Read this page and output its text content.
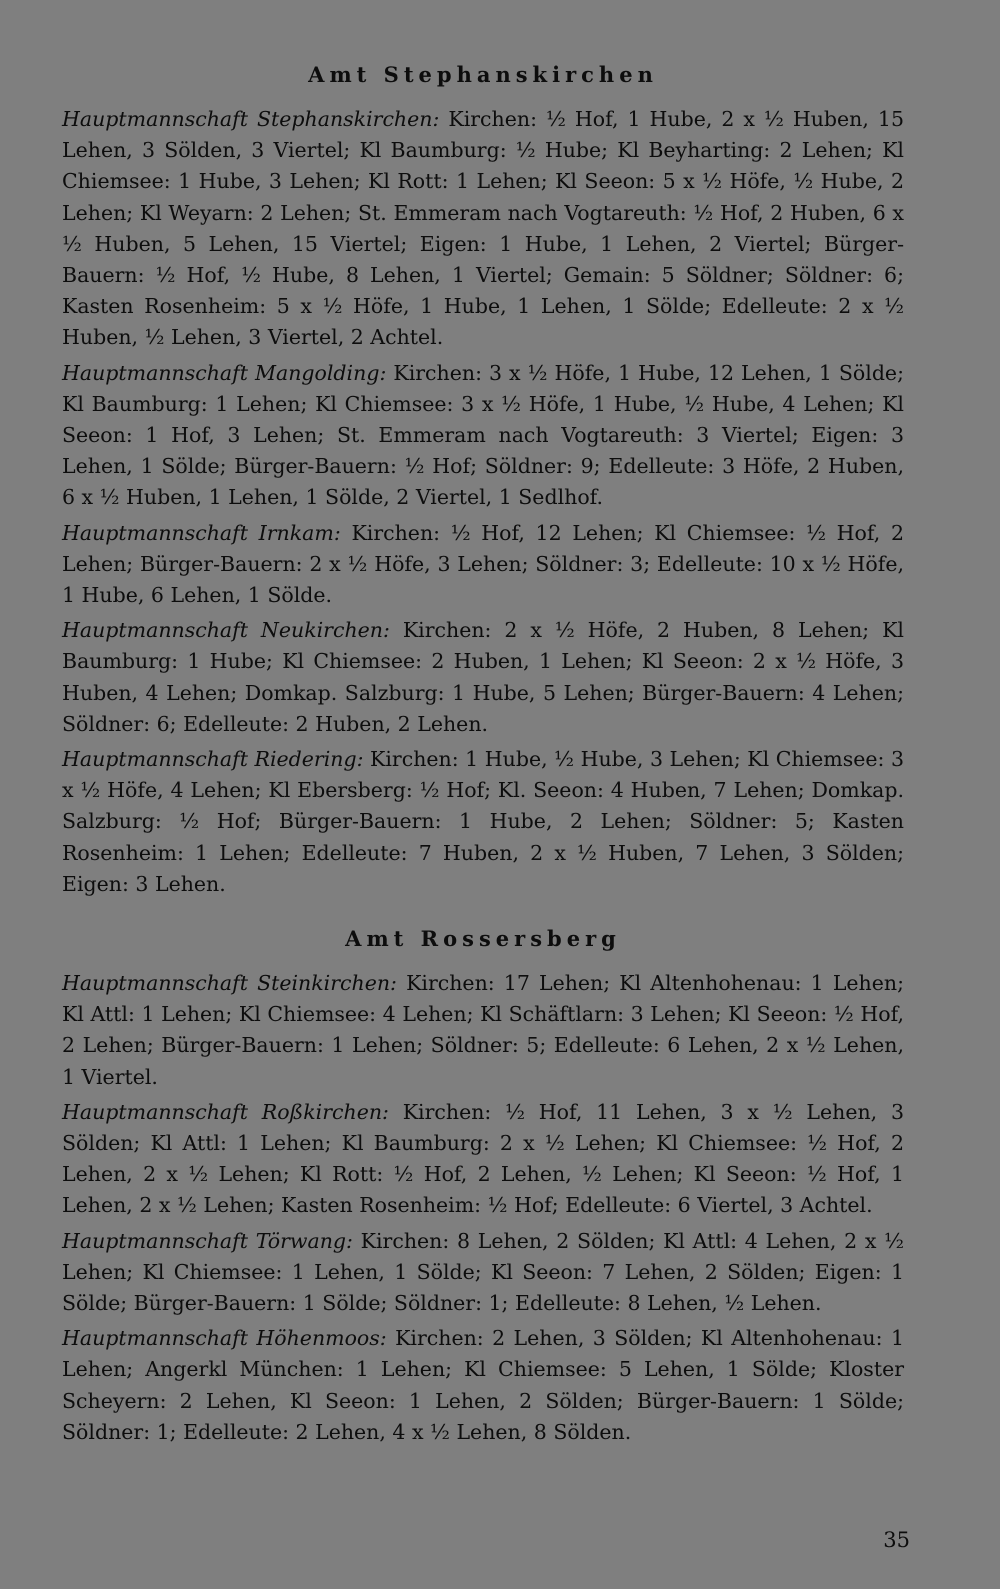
Amt Stephanskirchen

Hauptmannschaft Stephanskirchen: Kirchen: ½ Hof, 1 Hube, 2 x ½ Huben, 15 Lehen, 3 Sölden, 3 Viertel; Kl Baumburg: ½ Hube; Kl Beyharting: 2 Lehen; Kl Chiemsee: 1 Hube, 3 Lehen; Kl Rott: 1 Lehen; Kl Seeon: 5 x ½ Höfe, ½ Hube, 2 Lehen; Kl Weyarn: 2 Lehen; St. Emmeram nach Vogtareuth: ½ Hof, 2 Huben, 6 x ½ Huben, 5 Lehen, 15 Viertel; Eigen: 1 Hube, 1 Lehen, 2 Viertel; Bürger-Bauern: ½ Hof, ½ Hube, 8 Lehen, 1 Viertel; Gemain: 5 Söldner; Söldner: 6; Kasten Rosenheim: 5 x ½ Höfe, 1 Hube, 1 Lehen, 1 Sölde; Edelleute: 2 x ½ Huben, ½ Lehen, 3 Viertel, 2 Achtel.

Hauptmannschaft Mangolding: Kirchen: 3 x ½ Höfe, 1 Hube, 12 Lehen, 1 Sölde; Kl Baumburg: 1 Lehen; Kl Chiemsee: 3 x ½ Höfe, 1 Hube, ½ Hube, 4 Lehen; Kl Seeon: 1 Hof, 3 Lehen; St. Emmeram nach Vogtareuth: 3 Viertel; Eigen: 3 Lehen, 1 Sölde; Bürger-Bauern: ½ Hof; Söldner: 9; Edelleute: 3 Höfe, 2 Huben, 6 x ½ Huben, 1 Lehen, 1 Sölde, 2 Viertel, 1 Sedlhof.

Hauptmannschaft Irnkam: Kirchen: ½ Hof, 12 Lehen; Kl Chiemsee: ½ Hof, 2 Lehen; Bürger-Bauern: 2 x ½ Höfe, 3 Lehen; Söldner: 3; Edelleute: 10 x ½ Höfe, 1 Hube, 6 Lehen, 1 Sölde.

Hauptmannschaft Neukirchen: Kirchen: 2 x ½ Höfe, 2 Huben, 8 Lehen; Kl Baumburg: 1 Hube; Kl Chiemsee: 2 Huben, 1 Lehen; Kl Seeon: 2 x ½ Höfe, 3 Huben, 4 Lehen; Domkap. Salzburg: 1 Hube, 5 Lehen; Bürger-Bauern: 4 Lehen; Söldner: 6; Edelleute: 2 Huben, 2 Lehen.

Hauptmannschaft Riedering: Kirchen: 1 Hube, ½ Hube, 3 Lehen; Kl Chiemsee: 3 x ½ Höfe, 4 Lehen; Kl Ebersberg: ½ Hof; Kl. Seeon: 4 Huben, 7 Lehen; Domkap. Salzburg: ½ Hof; Bürger-Bauern: 1 Hube, 2 Lehen; Söldner: 5; Kasten Rosenheim: 1 Lehen; Edelleute: 7 Huben, 2 x ½ Huben, 7 Lehen, 3 Sölden; Eigen: 3 Lehen.

Amt Rossersberg

Hauptmannschaft Steinkirchen: Kirchen: 17 Lehen; Kl Altenhohenau: 1 Lehen; Kl Attl: 1 Lehen; Kl Chiemsee: 4 Lehen; Kl Schäftlarn: 3 Lehen; Kl Seeon: ½ Hof, 2 Lehen; Bürger-Bauern: 1 Lehen; Söldner: 5; Edelleute: 6 Lehen, 2 x ½ Lehen, 1 Viertel.

Hauptmannschaft Roßkirchen: Kirchen: ½ Hof, 11 Lehen, 3 x ½ Lehen, 3 Sölden; Kl Attl: 1 Lehen; Kl Baumburg: 2 x ½ Lehen; Kl Chiemsee: ½ Hof, 2 Lehen, 2 x ½ Lehen; Kl Rott: ½ Hof, 2 Lehen, ½ Lehen; Kl Seeon: ½ Hof, 1 Lehen, 2 x ½ Lehen; Kasten Rosenheim: ½ Hof; Edelleute: 6 Viertel, 3 Achtel.

Hauptmannschaft Törwang: Kirchen: 8 Lehen, 2 Sölden; Kl Attl: 4 Lehen, 2 x ½ Lehen; Kl Chiemsee: 1 Lehen, 1 Sölde; Kl Seeon: 7 Lehen, 2 Sölden; Eigen: 1 Sölde; Bürger-Bauern: 1 Sölde; Söldner: 1; Edelleute: 8 Lehen, ½ Lehen.

Hauptmannschaft Höhenmoos: Kirchen: 2 Lehen, 3 Sölden; Kl Altenhohenau: 1 Lehen; Angerkl München: 1 Lehen; Kl Chiemsee: 5 Lehen, 1 Sölde; Kloster Scheyern: 2 Lehen, Kl Seeon: 1 Lehen, 2 Sölden; Bürger-Bauern: 1 Sölde; Söldner: 1; Edelleute: 2 Lehen, 4 x ½ Lehen, 8 Sölden.

35
